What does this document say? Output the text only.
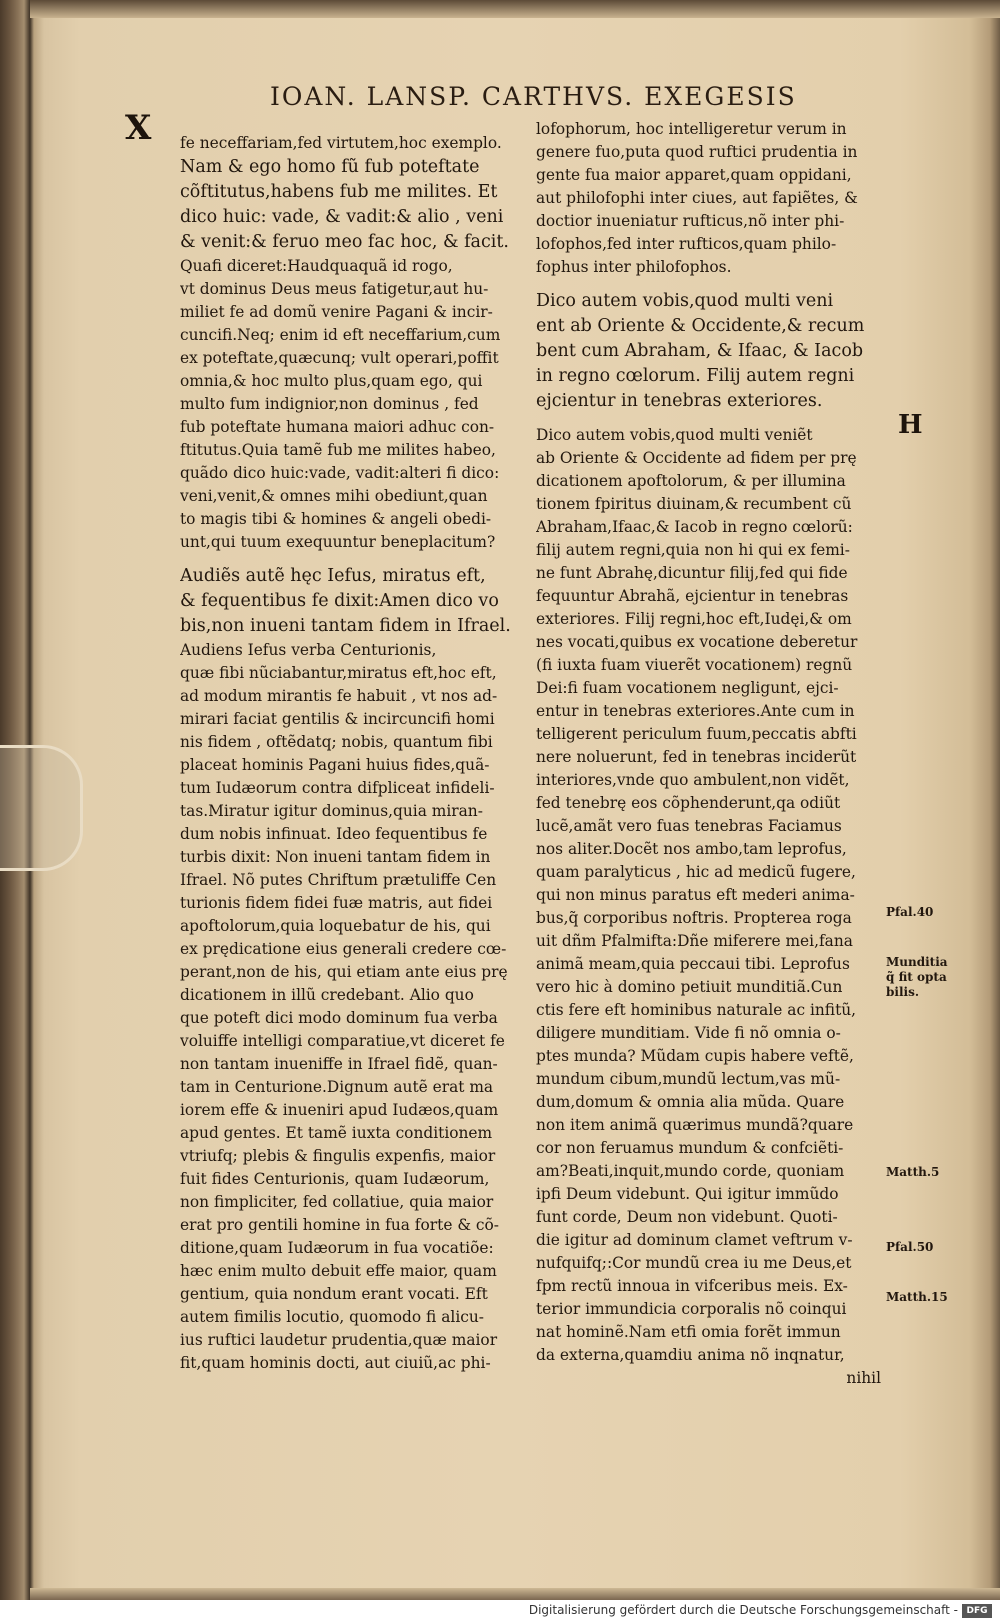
X
IOAN. LANSP. CARTHVS. EXEGESIS
fe neceffariam,fed virtutem,hoc exemplo.
Nam & ego homo fũ fub poteftate
cõftitutus,habens fub me milites. Et
dico huic: vade, & vadit:& alio , veni
& venit:& feruo meo fac hoc, & facit.
Quafi diceret:Haudquaquã id rogo,
vt dominus Deus meus fatigetur,aut hu-
miliet fe ad domũ venire Pagani & incir-
cuncifi.Neq; enim id eft neceffarium,cum
ex poteftate,quæcunq; vult operari,poffit
omnia,& hoc multo plus,quam ego, qui
multo fum indignior,non dominus , fed
fub poteftate humana maiori adhuc con-
ftitutus.Quia tamẽ fub me milites habeo,
quãdo dico huic:vade, vadit:alteri fi dico:
veni,venit,& omnes mihi obediunt,quan
to magis tibi & homines & angeli obedi-
unt,qui tuum exequuntur beneplacitum?
Audiẽs autẽ hęc Iefus, miratus eft,
& fequentibus fe dixit:Amen dico vo
bis,non inueni tantam fidem in Ifrael.
Audiens Iefus verba Centurionis,
quæ fibi nũciabantur,miratus eft,hoc eft,
ad modum mirantis fe habuit , vt nos ad-
mirari faciat gentilis & incircuncifi homi
nis fidem , oftẽdatq; nobis, quantum fibi
placeat hominis Pagani huius fides,quã-
tum Iudæorum contra difpliceat infideli-
tas.Miratur igitur dominus,quia miran-
dum nobis infinuat. Ideo fequentibus fe
turbis dixit: Non inueni tantam fidem in
Ifrael. Nõ putes Chriftum prætuliffe Cen
turionis fidem fidei fuæ matris, aut fidei
apoftolorum,quia loquebatur de his, qui
ex prędicatione eius generali credere cœ-
perant,non de his, qui etiam ante eius prę
dicationem in illũ credebant. Alio quo
que poteft dici modo dominum fua verba
voluiffe intelligi comparatiue,vt diceret fe
non tantam inueniffe in Ifrael fidẽ, quan-
tam in Centurione.Dignum autẽ erat ma
iorem effe & inueniri apud Iudæos,quam
apud gentes. Et tamẽ iuxta conditionem
vtriufq; plebis & fingulis expenfis, maior
fuit fides Centurionis, quam Iudæorum,
non fimpliciter, fed collatiue, quia maior
erat pro gentili homine in fua forte & cõ-
ditione,quam Iudæorum in fua vocatiõe:
hæc enim multo debuit effe maior, quam
gentium, quia nondum erant vocati. Eft
autem fimilis locutio, quomodo fi alicu-
ius ruftici laudetur prudentia,quæ maior
fit,quam hominis docti, aut ciuiũ,ac phi-
lofophorum, hoc intelligeretur verum in
genere fuo,puta quod ruftici prudentia in
gente fua maior apparet,quam oppidani,
aut philofophi inter ciues, aut fapiẽtes, &
doctior inueniatur rufticus,nõ inter phi-
lofophos,fed inter rufticos,quam philo-
fophus inter philofophos.
Dico autem vobis,quod multi veni
ent ab Oriente & Occidente,& recum
bent cum Abraham, & Ifaac, & Iacob
in regno cœlorum. Filij autem regni
ejcientur in tenebras exteriores.
Dico autem vobis,quod multi veniẽt
ab Oriente & Occidente ad fidem per prę
dicationem apoftolorum, & per illumina
tionem fpiritus diuinam,& recumbent cũ
Abraham,Ifaac,& Iacob in regno cœlorũ:
filij autem regni,quia non hi qui ex femi-
ne funt Abrahę,dicuntur filij,fed qui fide
fequuntur Abrahã, ejcientur in tenebras
exteriores. Filij regni,hoc eft,Iudęi,& om
nes vocati,quibus ex vocatione deberetur
(fi iuxta fuam viuerẽt vocationem) regnũ
Dei:fi fuam vocationem negligunt, ejci-
entur in tenebras exteriores.Ante cum in
telligerent periculum fuum,peccatis abfti
nere noluerunt, fed in tenebras inciderũt
interiores,vnde quo ambulent,non vidẽt,
fed tenebrę eos cõphenderunt,qa odiũt
lucẽ,amãt vero fuas tenebras Faciamus
nos aliter.Docẽt nos ambo,tam leprofus,
quam paralyticus , hic ad medicũ fugere,
qui non minus paratus eft mederi anima-
bus,q̃ corporibus noftris. Propterea roga
uit dñm Pfalmifta:Dñe miferere mei,fana
animã meam,quia peccaui tibi. Leprofus
vero hic à domino petiuit munditiã.Cun
ctis fere eft hominibus naturale ac infitũ,
diligere munditiam. Vide fi nõ omnia o-
ptes munda? Mũdam cupis habere veftẽ,
mundum cibum,mundũ lectum,vas mũ-
dum,domum & omnia alia mũda. Quare
non item animã quærimus mundã?quare
cor non feruamus mundum & confciẽti-
am?Beati,inquit,mundo corde, quoniam
ipfi Deum videbunt. Qui igitur immũdo
funt corde, Deum non videbunt. Quoti-
die igitur ad dominum clamet veftrum v-
nufquifq;:Cor mundũ crea iu me Deus,et
fpm rectũ innoua in vifceribus meis. Ex-
terior immundicia corporalis nõ coinqui
nat hominẽ.Nam etfi omia forẽt immun
da externa,quamdiu anima nõ inqnatur,
nihil
H
Pfal.40
Munditia q̃ fit opta bilis.
Matth.5
Pfal.50
Matth.15
Digitalisierung gefördert durch die Deutsche Forschungsgemeinschaft - DFG
